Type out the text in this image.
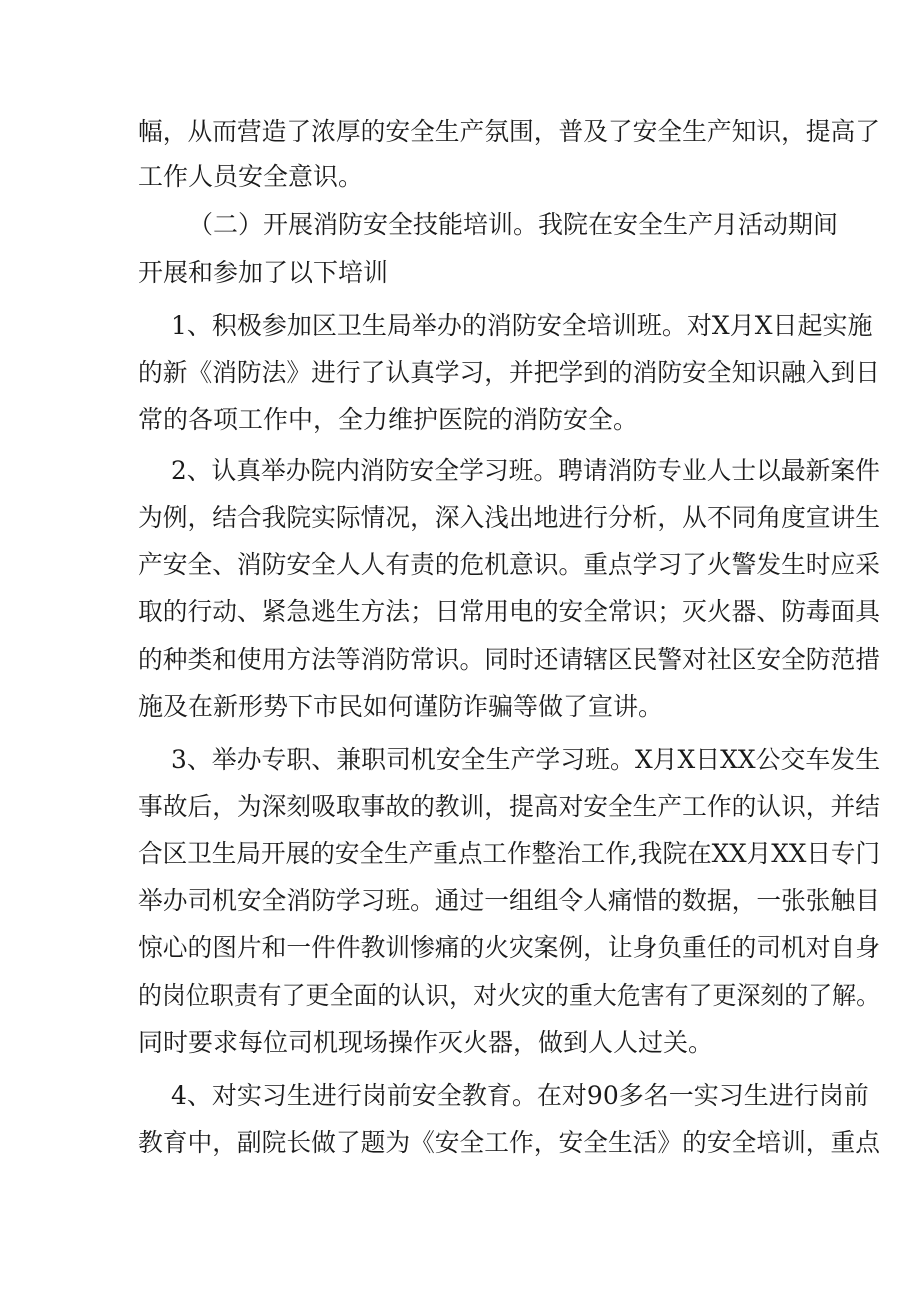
幅，从而营造了浓厚的安全生产氛围，普及了安全生产知识，提高了
工作人员安全意识。
（二）开展消防安全技能培训。我院在安全生产月活动期间
开展和参加了以下培训
1、积极参加区卫生局举办的消防安全培训班。对X月X日起实施
的新《消防法》进行了认真学习，并把学到的消防安全知识融入到日
常的各项工作中，全力维护医院的消防安全。
2、认真举办院内消防安全学习班。聘请消防专业人士以最新案件
为例，结合我院实际情况，深入浅出地进行分析，从不同角度宣讲生
产安全、消防安全人人有责的危机意识。重点学习了火警发生时应采
取的行动、紧急逃生方法；日常用电的安全常识；灭火器、防毒面具
的种类和使用方法等消防常识。同时还请辖区民警对社区安全防范措
施及在新形势下市民如何谨防诈骗等做了宣讲。
3、举办专职、兼职司机安全生产学习班。X月X日XX公交车发生
事故后，为深刻吸取事故的教训，提高对安全生产工作的认识，并结
合区卫生局开展的安全生产重点工作整治工作,我院在XX月XX日专门
举办司机安全消防学习班。通过一组组令人痛惜的数据，一张张触目
惊心的图片和一件件教训惨痛的火灾案例，让身负重任的司机对自身
的岗位职责有了更全面的认识，对火灾的重大危害有了更深刻的了解。
同时要求每位司机现场操作灭火器，做到人人过关。
4、对实习生进行岗前安全教育。在对90多名一实习生进行岗前
教育中，副院长做了题为《安全工作，安全生活》的安全培训，重点
